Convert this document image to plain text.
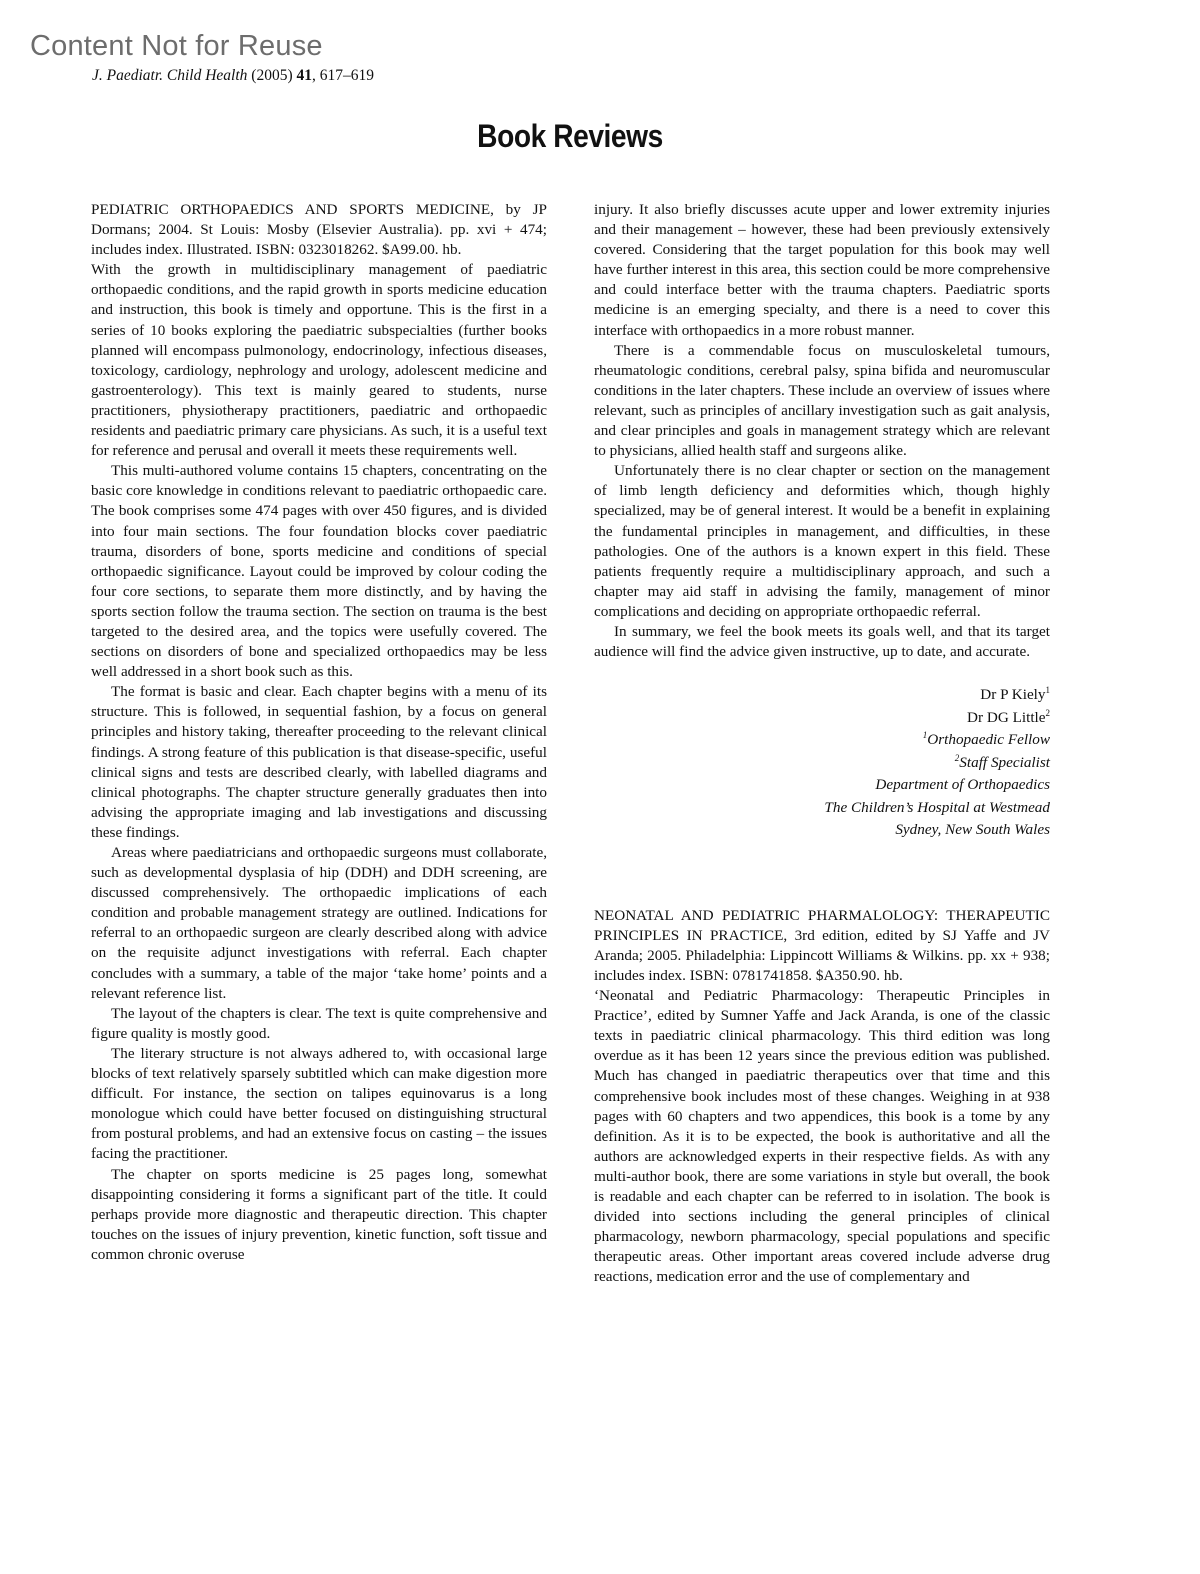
Content Not for Reuse
J. Paediatr. Child Health (2005) 41, 617–619
Book Reviews

PEDIATRIC ORTHOPAEDICS AND SPORTS MEDICINE, by JP Dormans; 2004. St Louis: Mosby (Elsevier Australia). pp. xvi + 474; includes index. Illustrated. ISBN: 0323018262. $A99.00. hb.

With the growth in multidisciplinary management of paediatric orthopaedic conditions, and the rapid growth in sports medicine education and instruction, this book is timely and opportune. This is the first in a series of 10 books exploring the paediatric subspecialties (further books planned will encompass pulmonology, endocrinology, infectious diseases, toxicology, cardiology, nephrology and urology, adolescent medicine and gastroenterology). This text is mainly geared to students, nurse practitioners, physiotherapy practitioners, paediatric and orthopaedic residents and paediatric primary care physicians. As such, it is a useful text for reference and perusal and overall it meets these requirements well.

This multi-authored volume contains 15 chapters, concentrating on the basic core knowledge in conditions relevant to paediatric orthopaedic care. The book comprises some 474 pages with over 450 figures, and is divided into four main sections. The four foundation blocks cover paediatric trauma, disorders of bone, sports medicine and conditions of special orthopaedic significance. Layout could be improved by colour coding the four core sections, to separate them more distinctly, and by having the sports section follow the trauma section. The section on trauma is the best targeted to the desired area, and the topics were usefully covered. The sections on disorders of bone and specialized orthopaedics may be less well addressed in a short book such as this.

The format is basic and clear. Each chapter begins with a menu of its structure. This is followed, in sequential fashion, by a focus on general principles and history taking, thereafter proceeding to the relevant clinical findings. A strong feature of this publication is that disease-specific, useful clinical signs and tests are described clearly, with labelled diagrams and clinical photographs. The chapter structure generally graduates then into advising the appropriate imaging and lab investigations and discussing these findings.

Areas where paediatricians and orthopaedic surgeons must collaborate, such as developmental dysplasia of hip (DDH) and DDH screening, are discussed comprehensively. The orthopaedic implications of each condition and probable management strategy are outlined. Indications for referral to an orthopaedic surgeon are clearly described along with advice on the requisite adjunct investigations with referral. Each chapter concludes with a summary, a table of the major ‘take home’ points and a relevant reference list.

The layout of the chapters is clear. The text is quite comprehensive and figure quality is mostly good.

The literary structure is not always adhered to, with occasional large blocks of text relatively sparsely subtitled which can make digestion more difficult. For instance, the section on talipes equinovarus is a long monologue which could have better focused on distinguishing structural from postural problems, and had an extensive focus on casting – the issues facing the practitioner.

The chapter on sports medicine is 25 pages long, somewhat disappointing considering it forms a significant part of the title. It could perhaps provide more diagnostic and therapeutic direction. This chapter touches on the issues of injury prevention, kinetic function, soft tissue and common chronic overuse

injury. It also briefly discusses acute upper and lower extremity injuries and their management – however, these had been previously extensively covered. Considering that the target population for this book may well have further interest in this area, this section could be more comprehensive and could interface better with the trauma chapters. Paediatric sports medicine is an emerging specialty, and there is a need to cover this interface with orthopaedics in a more robust manner.

There is a commendable focus on musculoskeletal tumours, rheumatologic conditions, cerebral palsy, spina bifida and neuromuscular conditions in the later chapters. These include an overview of issues where relevant, such as principles of ancillary investigation such as gait analysis, and clear principles and goals in management strategy which are relevant to physicians, allied health staff and surgeons alike.

Unfortunately there is no clear chapter or section on the management of limb length deficiency and deformities which, though highly specialized, may be of general interest. It would be a benefit in explaining the fundamental principles in management, and difficulties, in these pathologies. One of the authors is a known expert in this field. These patients frequently require a multidisciplinary approach, and such a chapter may aid staff in advising the family, management of minor complications and deciding on appropriate orthopaedic referral.

In summary, we feel the book meets its goals well, and that its target audience will find the advice given instructive, up to date, and accurate.

Dr P Kiely$^1$
Dr DG Little$^2$
$^1$Orthopaedic Fellow
$^2$Staff Specialist
Department of Orthopaedics
The Children’s Hospital at Westmead
Sydney, New South Wales

NEONATAL AND PEDIATRIC PHARMALOLOGY: THERAPEUTIC PRINCIPLES IN PRACTICE, 3rd edition, edited by SJ Yaffe and JV Aranda; 2005. Philadelphia: Lippincott Williams & Wilkins. pp. xx + 938; includes index. ISBN: 0781741858. $A350.90. hb.

‘Neonatal and Pediatric Pharmacology: Therapeutic Principles in Practice’, edited by Sumner Yaffe and Jack Aranda, is one of the classic texts in paediatric clinical pharmacology. This third edition was long overdue as it has been 12 years since the previous edition was published. Much has changed in paediatric therapeutics over that time and this comprehensive book includes most of these changes. Weighing in at 938 pages with 60 chapters and two appendices, this book is a tome by any definition. As it is to be expected, the book is authoritative and all the authors are acknowledged experts in their respective fields. As with any multi-author book, there are some variations in style but overall, the book is readable and each chapter can be referred to in isolation. The book is divided into sections including the general principles of clinical pharmacology, newborn pharmacology, special populations and specific therapeutic areas. Other important areas covered include adverse drug reactions, medication error and the use of complementary and
